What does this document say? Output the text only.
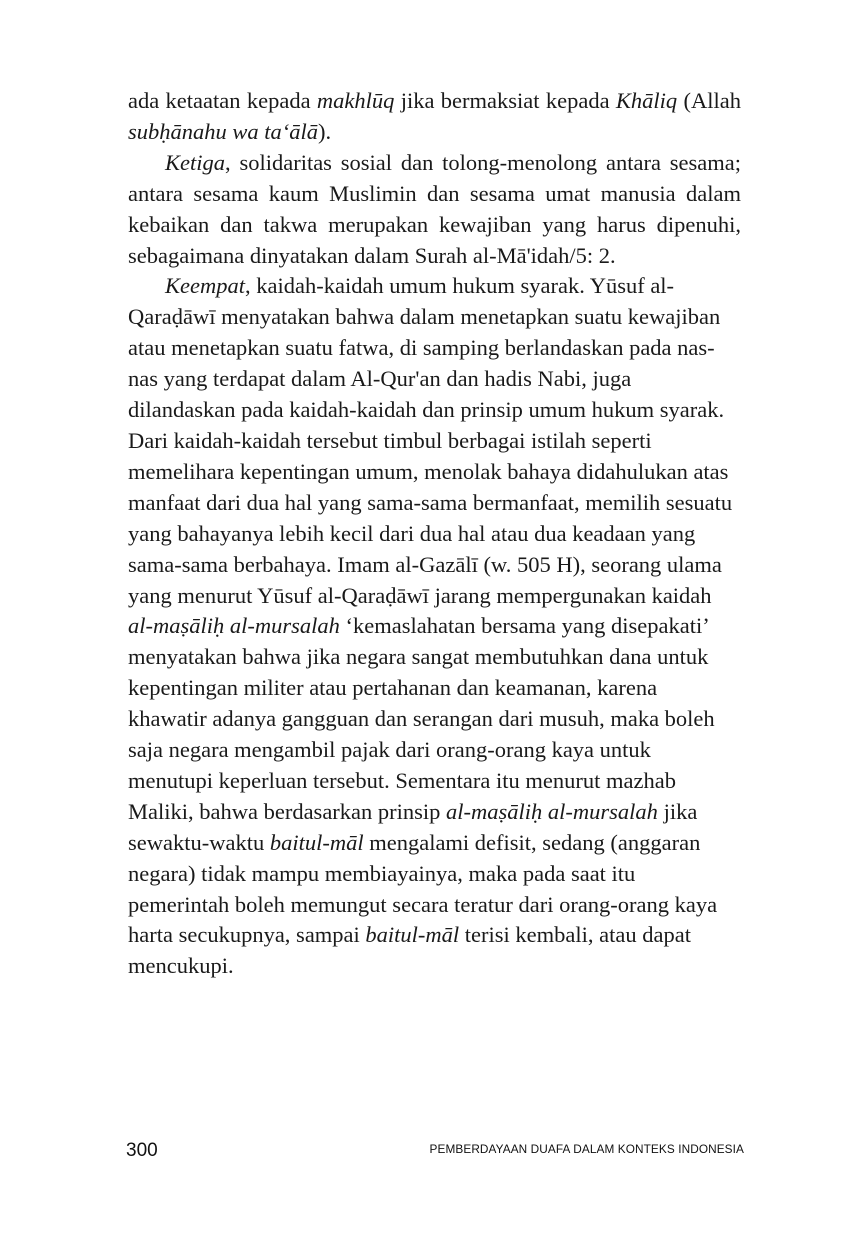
ada ketaatan kepada makhlūq jika bermaksiat kepada Khāliq (Allah subḥānahu wa ta‘ālā).

Ketiga, solidaritas sosial dan tolong-menolong antara sesama; antara sesama kaum Muslimin dan sesama umat manusia dalam kebaikan dan takwa merupakan kewajiban yang harus dipenuhi, sebagaimana dinyatakan dalam Surah al-Mā'idah/5: 2.

Keempat, kaidah-kaidah umum hukum syarak. Yūsuf al-Qaraḍāwī menyatakan bahwa dalam menetapkan suatu kewajiban atau menetapkan suatu fatwa, di samping berlandaskan pada nas-nas yang terdapat dalam Al-Qur'an dan hadis Nabi, juga dilandaskan pada kaidah-kaidah dan prinsip umum hukum syarak. Dari kaidah-kaidah tersebut timbul berbagai istilah seperti memelihara kepentingan umum, menolak bahaya didahulukan atas manfaat dari dua hal yang sama-sama bermanfaat, memilih sesuatu yang bahayanya lebih kecil dari dua hal atau dua keadaan yang sama-sama berbahaya. Imam al-Gazālī (w. 505 H), seorang ulama yang menurut Yūsuf al-Qaraḍāwī jarang mempergunakan kaidah al-maṣāliḥ al-mursalah ‘kemaslahatan bersama yang disepakati’ menyatakan bahwa jika negara sangat membutuhkan dana untuk kepentingan militer atau pertahanan dan keamanan, karena khawatir adanya gangguan dan serangan dari musuh, maka boleh saja negara mengambil pajak dari orang-orang kaya untuk menutupi keperluan tersebut. Sementara itu menurut mazhab Maliki, bahwa berdasarkan prinsip al-maṣāliḥ al-mursalah jika sewaktu-waktu baitul-māl mengalami defisit, sedang (anggaran negara) tidak mampu membiayainya, maka pada saat itu pemerintah boleh memungut secara teratur dari orang-orang kaya harta secukupnya, sampai baitul-māl terisi kembali, atau dapat mencukupi.

300	PEMBERDAYAAN DUAFA DALAM KONTEKS INDONESIA
